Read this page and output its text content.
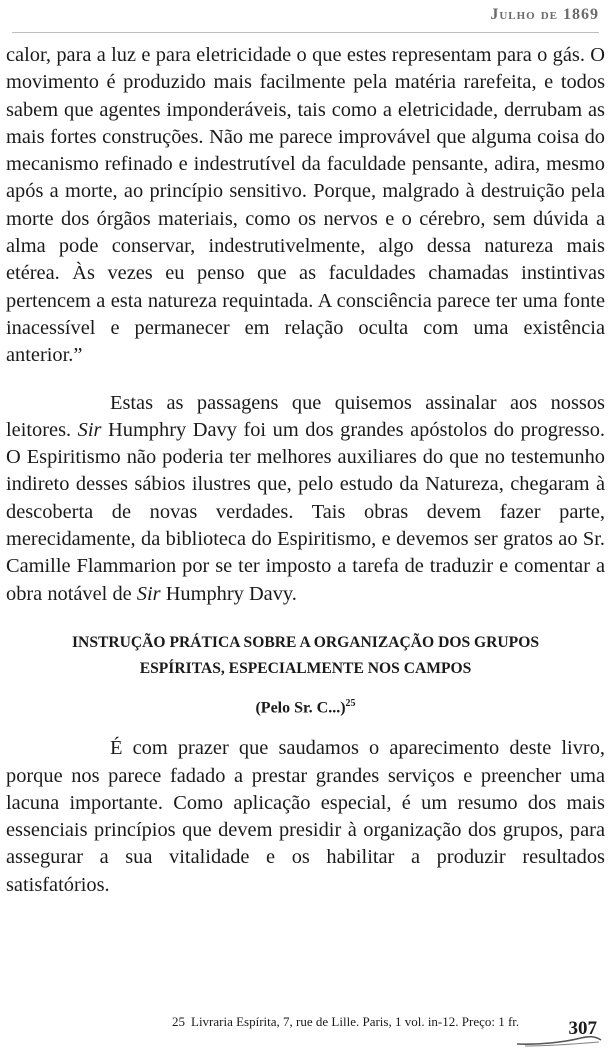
Julho de 1869

calor, para a luz e para eletricidade o que estes representam para o gás. O movimento é produzido mais facilmente pela matéria rarefeita, e todos sabem que agentes imponderáveis, tais como a eletricidade, derrubam as mais fortes construções. Não me parece improvável que alguma coisa do mecanismo refinado e indestrutível da faculdade pensante, adira, mesmo após a morte, ao princípio sensitivo. Porque, malgrado à destruição pela morte dos órgãos materiais, como os nervos e o cérebro, sem dúvida a alma pode conservar, indestrutivelmente, algo dessa natureza mais etérea. Às vezes eu penso que as faculdades chamadas instintivas pertencem a esta natureza requintada. A consciência parece ter uma fonte inacessível e permanecer em relação oculta com uma existência anterior.”

Estas as passagens que quisemos assinalar aos nossos leitores. Sir Humphry Davy foi um dos grandes apóstolos do progresso. O Espiritismo não poderia ter melhores auxiliares do que no testemunho indireto desses sábios ilustres que, pelo estudo da Natureza, chegaram à descoberta de novas verdades. Tais obras devem fazer parte, merecidamente, da biblioteca do Espiritismo, e devemos ser gratos ao Sr. Camille Flammarion por se ter imposto a tarefa de traduzir e comentar a obra notável de Sir Humphry Davy.

INSTRUÇÃO PRÁTICA SOBRE A ORGANIZAÇÃO DOS GRUPOS
ESPÍRITAS, ESPECIALMENTE NOS CAMPOS
(Pelo Sr. C...)$^{25}$

É com prazer que saudamos o aparecimento deste livro, porque nos parece fadado a prestar grandes serviços e preencher uma lacuna importante. Como aplicação especial, é um resumo dos mais essenciais princípios que devem presidir à organização dos grupos, para assegurar a sua vitalidade e os habilitar a produzir resultados satisfatórios.

25 Livraria Espírita, 7, rue de Lille. Paris, 1 vol. in-12. Preço: 1 fr.	307
